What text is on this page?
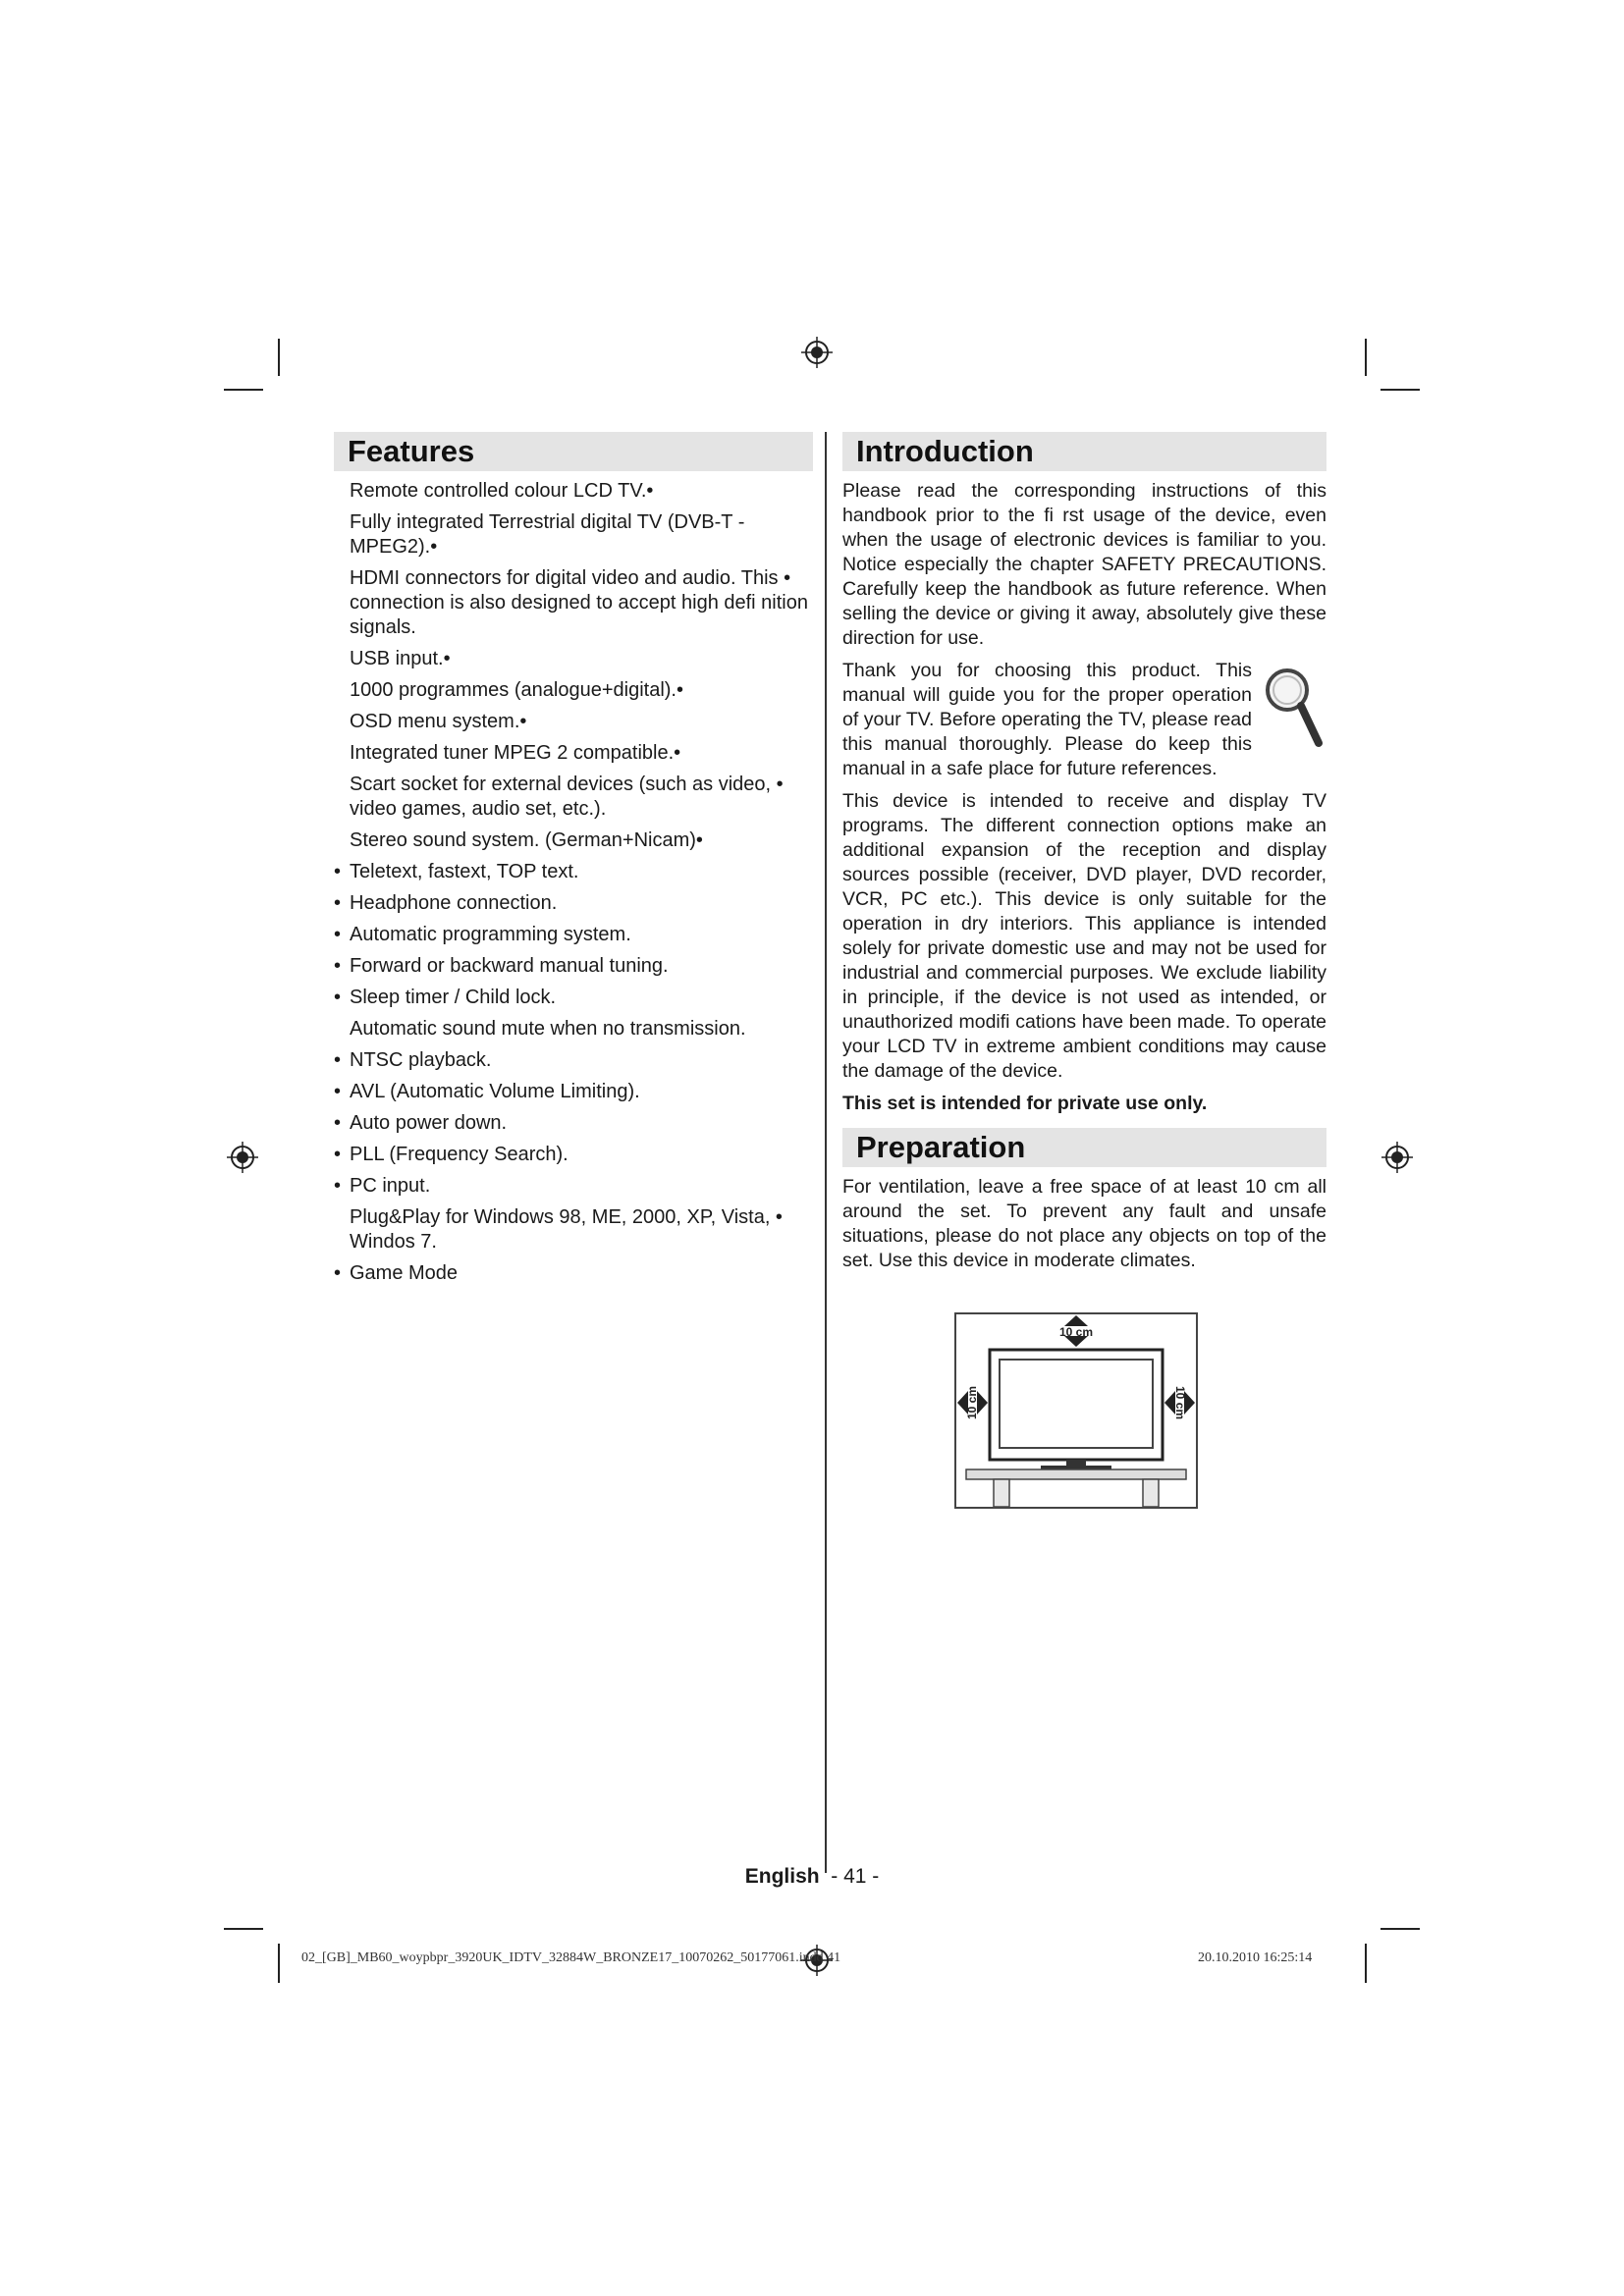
Features
Remote controlled colour LCD TV.•
Fully integrated Terrestrial digital TV (DVB-T - MPEG2).•
HDMI connectors for digital video and audio. This • connection is also designed to accept high defi nition signals.
USB input.•
1000 programmes (analogue+digital).•
OSD menu system.•
Integrated tuner MPEG 2 compatible.•
Scart socket for external devices (such as video, • video games, audio set, etc.).
Stereo sound system. (German+Nicam)•
• Teletext, fastext, TOP text.
• Headphone connection.
• Automatic programming system.
• Forward or backward manual tuning.
• Sleep timer / Child lock.
Automatic sound mute when no transmission.
• NTSC playback.
• AVL (Automatic Volume Limiting).
• Auto power down.
• PLL (Frequency Search).
• PC input.
Plug&Play for Windows 98, ME, 2000, XP, Vista, • Windos 7.
• Game Mode
Introduction

Please read the corresponding instructions of this handbook prior to the fi rst usage of the device, even when the usage of electronic devices is familiar to you. Notice especially the chapter SAFETY PRECAUTIONS. Carefully keep the handbook as future reference. When selling the device or giving it away, absolutely give these direction for use.

Thank you for choosing this product. This manual will guide you for the proper operation of your TV. Before operating the TV, please read this manual thoroughly. Please do keep this manual in a safe place for future references.

This device is intended to receive and display TV programs. The different connection options make an additional expansion of the reception and display sources possible (receiver, DVD player, DVD recorder, VCR, PC etc.). This device is only suitable for the operation in dry interiors. This appliance is intended solely for private domestic use and may not be used for industrial and commercial purposes. We exclude liability in principle, if the device is not used as intended, or unauthorized modifi cations have been made. To operate your LCD TV in extreme ambient conditions may cause the damage of the device.

This set is intended for private use only.

Preparation

For ventilation, leave a free space of at least 10 cm all around the set. To prevent any fault and unsafe situations, please do not place any objects on top of the set. Use this device in moderate climates.

10 cm
10 cm	10 cm
English - 41 -
02_[GB]_MB60_woypbpr_3920UK_IDTV_32884W_BRONZE17_10070262_50177061.indd 41	20.10.2010 16:25:14
